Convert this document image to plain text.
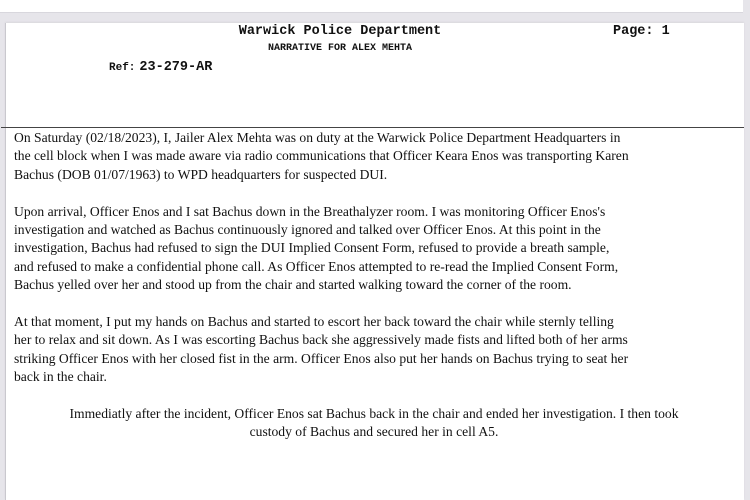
Warwick Police Department	Page: 1
NARRATIVE FOR ALEX MEHTA
Ref: 23-279-AR

On Saturday (02/18/2023), I, Jailer Alex Mehta was on duty at the Warwick Police Department Headquarters in
the cell block when I was made aware via radio communications that Officer Keara Enos was transporting Karen
Bachus (DOB 01/07/1963) to WPD headquarters for suspected DUI.

Upon arrival, Officer Enos and I sat Bachus down in the Breathalyzer room. I was monitoring Officer Enos's
investigation and watched as Bachus continuously ignored and talked over Officer Enos. At this point in the
investigation, Bachus had refused to sign the DUI Implied Consent Form, refused to provide a breath sample,
and refused to make a confidential phone call. As Officer Enos attempted to re-read the Implied Consent Form,
Bachus yelled over her and stood up from the chair and started walking toward the corner of the room.

At that moment, I put my hands on Bachus and started to escort her back toward the chair while sternly telling
her to relax and sit down. As I was escorting Bachus back she aggressively made fists and lifted both of her arms
striking Officer Enos with her closed fist in the arm. Officer Enos also put her hands on Bachus trying to seat her
back in the chair.

Immediatly after the incident, Officer Enos sat Bachus back in the chair and ended her investigation. I then took
custody of Bachus and secured her in cell A5.
